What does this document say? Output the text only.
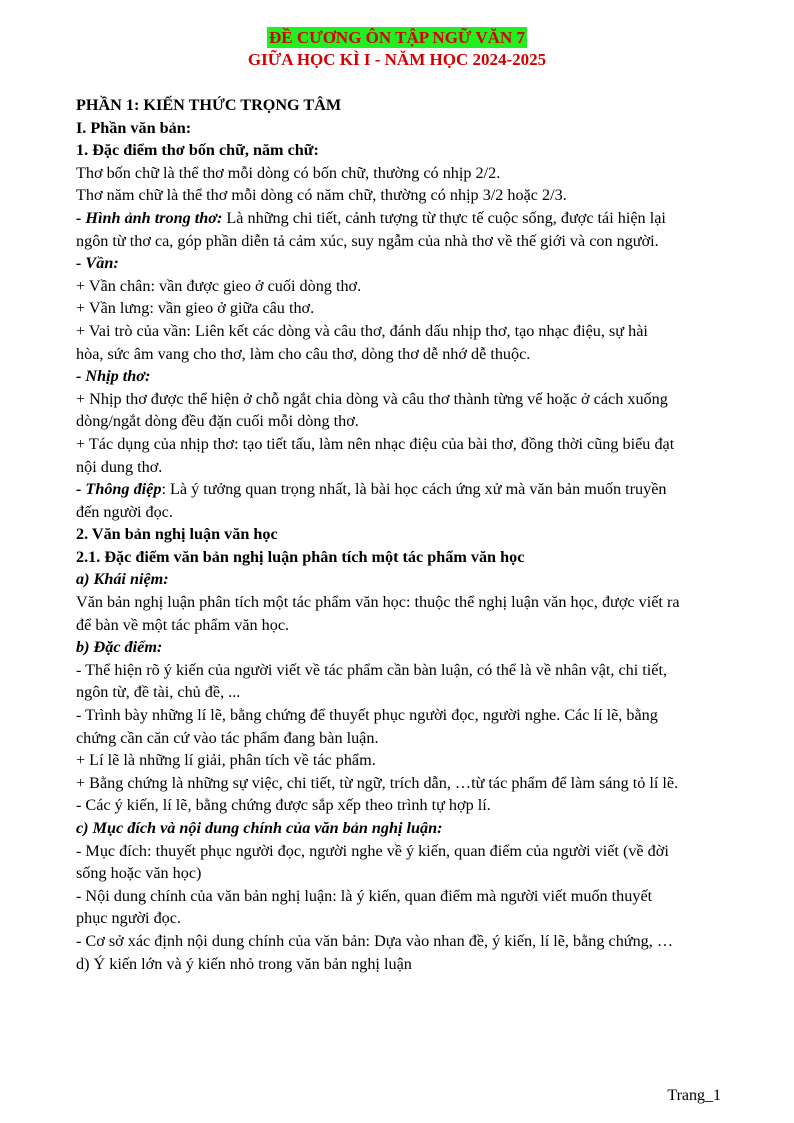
ĐỀ CƯƠNG ÔN TẬP NGỮ VĂN 7
GIỮA HỌC KÌ I - NĂM HỌC 2024-2025
PHẦN 1: KIẾN THỨC TRỌNG TÂM
I. Phần văn bản:
1. Đặc điểm thơ bốn chữ, năm chữ:
Thơ bốn chữ là thể thơ mỗi dòng có bốn chữ, thường có nhịp 2/2.
Thơ năm chữ là thể thơ mỗi dòng có năm chữ, thường có nhịp 3/2 hoặc 2/3.
- Hình ảnh trong thơ: Là những chi tiết, cảnh tượng từ thực tế cuộc sống, được tái hiện lại
ngôn từ thơ ca, góp phần diễn tả cảm xúc, suy ngẫm của nhà thơ về thế giới và con người.
- Vần:
+ Vần chân: vần được gieo ở cuối dòng thơ.
+ Vần lưng: vần gieo ở giữa câu thơ.
+ Vai trò của vần: Liên kết các dòng và câu thơ, đánh dấu nhịp thơ, tạo nhạc điệu, sự hài
hòa, sức âm vang cho thơ, làm cho câu thơ, dòng thơ dễ nhớ dễ thuộc.
- Nhịp thơ:
+ Nhịp thơ được thể hiện ở chỗ ngắt chia dòng và câu thơ thành từng vế hoặc ở cách xuống
dòng/ngắt dòng đều đặn cuối mỗi dòng thơ.
+ Tác dụng của nhịp thơ: tạo tiết tấu, làm nên nhạc điệu của bài thơ, đồng thời cũng biểu đạt
nội dung thơ.
- Thông điệp: Là ý tưởng quan trọng nhất, là bài học cách ứng xử mà văn bản muốn truyền
đến người đọc.
2. Văn bản nghị luận văn học
2.1. Đặc điểm văn bản nghị luận phân tích một tác phẩm văn học
a) Khái niệm:
Văn bản nghị luận phân tích một tác phẩm văn học: thuộc thể nghị luận văn học, được viết ra
để bàn về một tác phẩm văn học.
b) Đặc điểm:
- Thể hiện rõ ý kiến của người viết về tác phẩm cần bàn luận, có thể là về nhân vật, chi tiết,
ngôn từ, đề tài, chủ đề, ...
- Trình bày những lí lẽ, bằng chứng để thuyết phục người đọc, người nghe. Các lí lẽ, bằng
chứng cần căn cứ vào tác phẩm đang bàn luận.
+ Lí lẽ là những lí giải, phân tích về tác phẩm.
+ Bằng chứng là những sự việc, chi tiết, từ ngữ, trích dẫn, …từ tác phẩm để làm sáng tỏ lí lẽ.
- Các ý kiến, lí lẽ, bằng chứng được sắp xếp theo trình tự hợp lí.
c) Mục đích và nội dung chính của văn bản nghị luận:
- Mục đích: thuyết phục người đọc, người nghe về ý kiến, quan điểm của người viết (về đời
sống hoặc văn học)
- Nội dung chính của văn bản nghị luận: là ý kiến, quan điểm mà người viết muốn thuyết
phục người đọc.
- Cơ sở xác định nội dung chính của văn bản: Dựa vào nhan đề, ý kiến, lí lẽ, bằng chứng, …
d) Ý kiến lớn và ý kiến nhỏ trong văn bản nghị luận
Trang_1
